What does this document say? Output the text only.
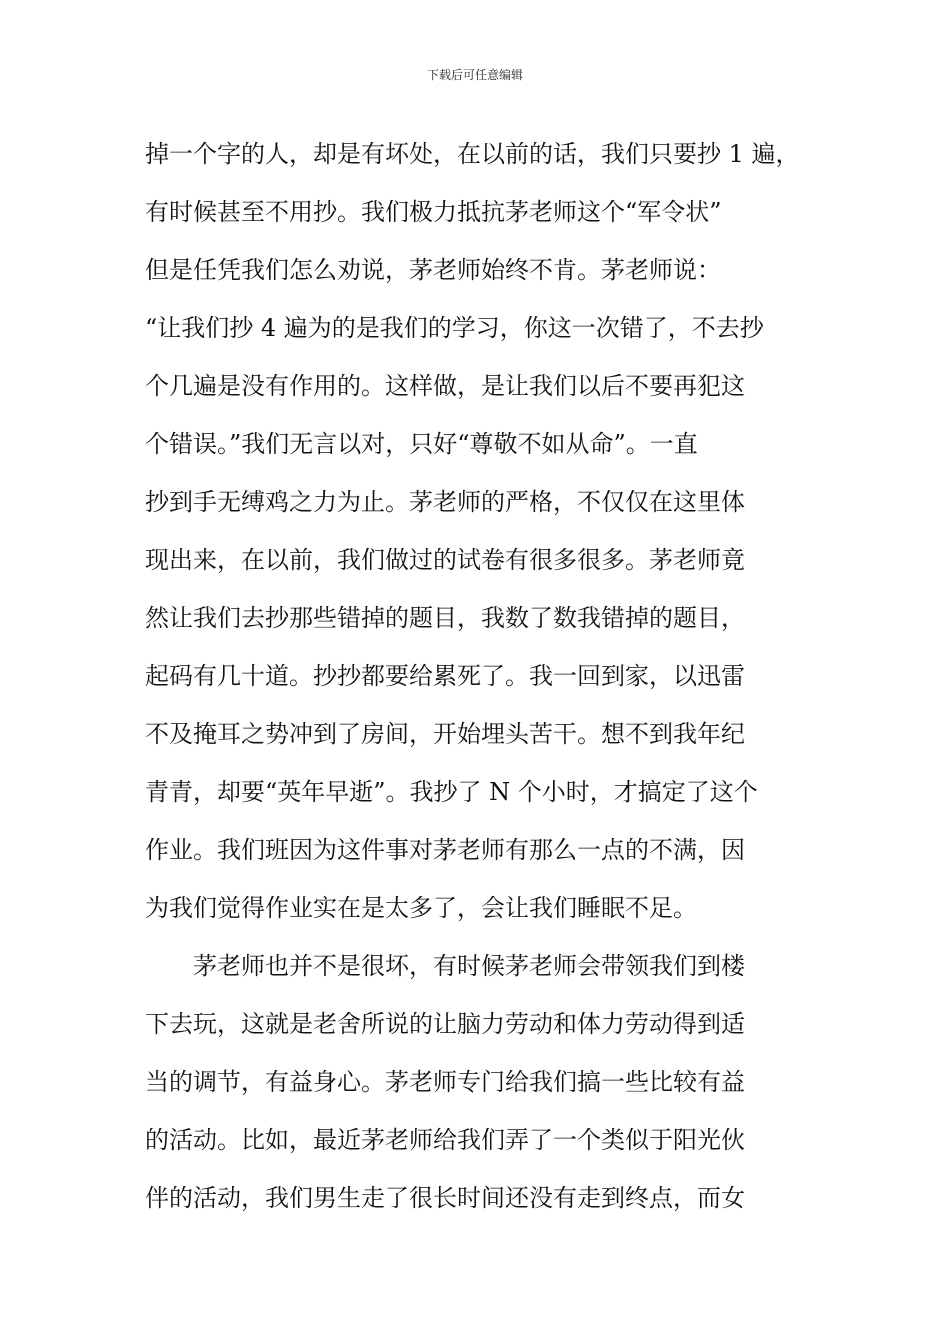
下载后可任意编辑
掉一个字的人，却是有坏处，在以前的话，我们只要抄 1 遍，
有时候甚至不用抄。我们极力抵抗茅老师这个“军令状”
但是任凭我们怎么劝说，茅老师始终不肯。茅老师说：
“让我们抄 4 遍为的是我们的学习，你这一次错了，不去抄
个几遍是没有作用的。这样做，是让我们以后不要再犯这
个错误。”我们无言以对，只好“尊敬不如从命”。一直
抄到手无缚鸡之力为止。茅老师的严格，不仅仅在这里体
现出来，在以前，我们做过的试卷有很多很多。茅老师竟
然让我们去抄那些错掉的题目，我数了数我错掉的题目，
起码有几十道。抄抄都要给累死了。我一回到家，以迅雷
不及掩耳之势冲到了房间，开始埋头苦干。想不到我年纪
青青，却要“英年早逝”。我抄了 N 个小时，才搞定了这个
作业。我们班因为这件事对茅老师有那么一点的不满，因
为我们觉得作业实在是太多了，会让我们睡眠不足。
茅老师也并不是很坏，有时候茅老师会带领我们到楼
下去玩，这就是老舍所说的让脑力劳动和体力劳动得到适
当的调节，有益身心。茅老师专门给我们搞一些比较有益
的活动。比如，最近茅老师给我们弄了一个类似于阳光伙
伴的活动，我们男生走了很长时间还没有走到终点，而女
